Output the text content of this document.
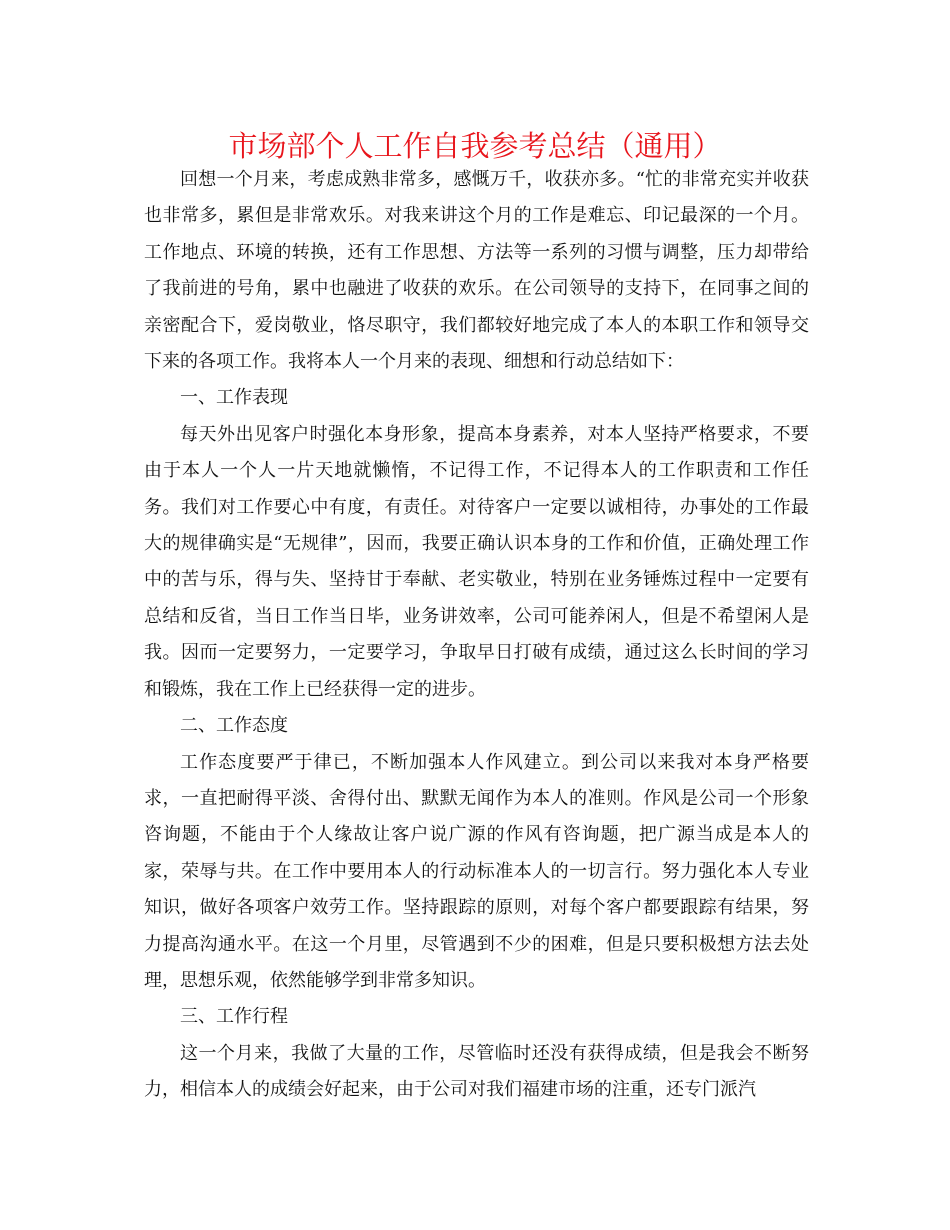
市场部个人工作自我参考总结（通用）

回想一个月来，考虑成熟非常多，感慨万千，收获亦多。“忙的非常充实并收获也非常多，累但是非常欢乐。对我来讲这个月的工作是难忘、印记最深的一个月。工作地点、环境的转换，还有工作思想、方法等一系列的习惯与调整，压力却带给了我前进的号角，累中也融进了收获的欢乐。在公司领导的支持下，在同事之间的亲密配合下，爱岗敬业，恪尽职守，我们都较好地完成了本人的本职工作和领导交下来的各项工作。我将本人一个月来的表现、细想和行动总结如下：

一、工作表现

每天外出见客户时强化本身形象，提高本身素养，对本人坚持严格要求，不要由于本人一个人一片天地就懒惰，不记得工作，不记得本人的工作职责和工作任务。我们对工作要心中有度，有责任。对待客户一定要以诚相待，办事处的工作最大的规律确实是“无规律”，因而，我要正确认识本身的工作和价值，正确处理工作中的苦与乐，得与失、坚持甘于奉献、老实敬业，特别在业务锤炼过程中一定要有总结和反省，当日工作当日毕，业务讲效率，公司可能养闲人，但是不希望闲人是我。因而一定要努力，一定要学习，争取早日打破有成绩，通过这么长时间的学习和锻炼，我在工作上已经获得一定的进步。

二、工作态度

工作态度要严于律已，不断加强本人作风建立。到公司以来我对本身严格要求，一直把耐得平淡、舍得付出、默默无闻作为本人的准则。作风是公司一个形象咨询题，不能由于个人缘故让客户说广源的作风有咨询题，把广源当成是本人的家，荣辱与共。在工作中要用本人的行动标准本人的一切言行。努力强化本人专业知识，做好各项客户效劳工作。坚持跟踪的原则，对每个客户都要跟踪有结果，努力提高沟通水平。在这一个月里，尽管遇到不少的困难，但是只要积极想方法去处理，思想乐观，依然能够学到非常多知识。

三、工作行程

这一个月来，我做了大量的工作，尽管临时还没有获得成绩，但是我会不断努力，相信本人的成绩会好起来，由于公司对我们福建市场的注重，还专门派汽
